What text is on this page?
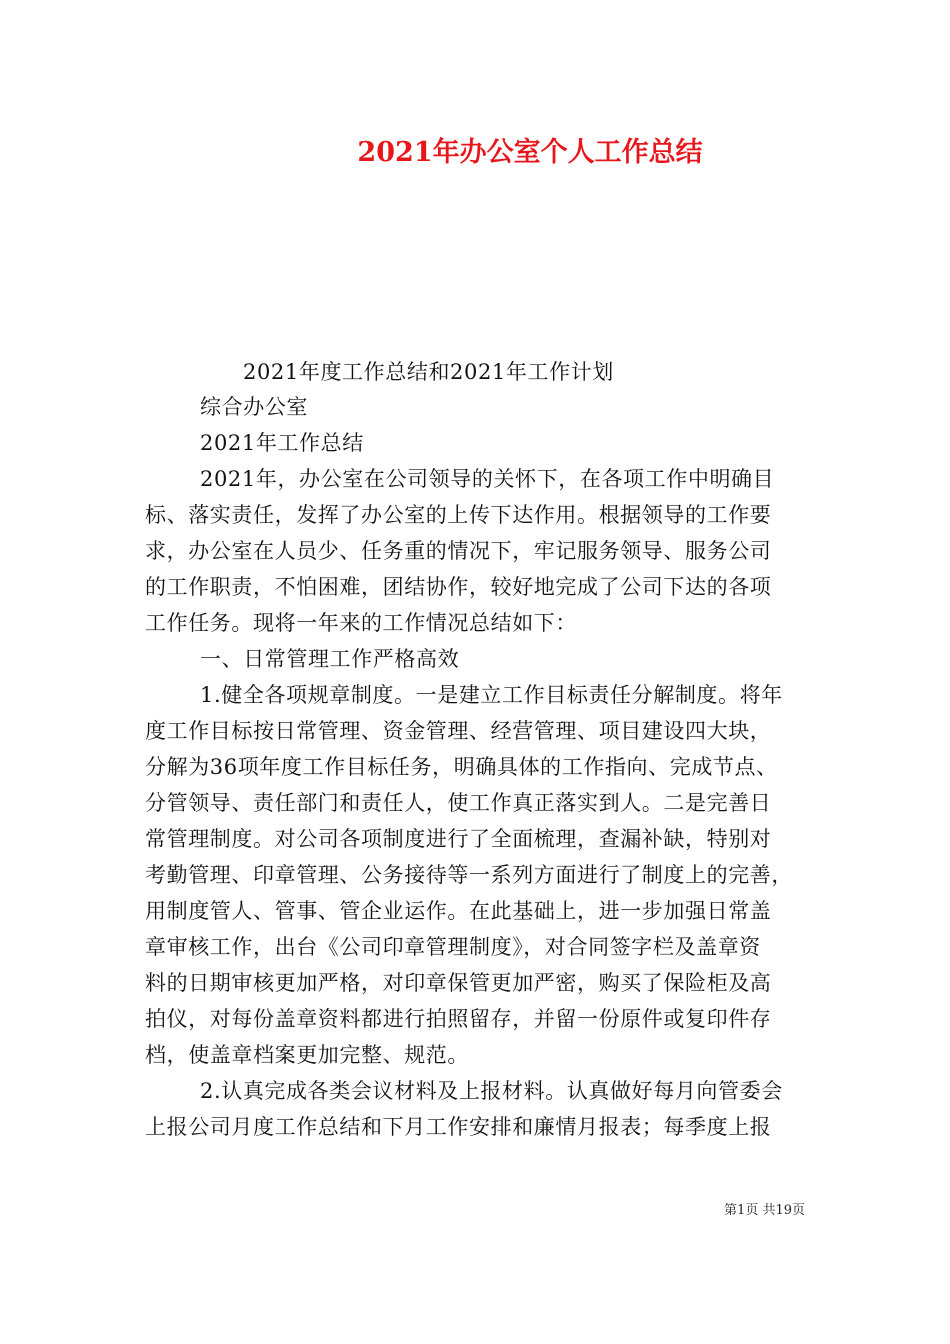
2021年办公室个人工作总结
2021年度工作总结和2021年工作计划
综合办公室
2021年工作总结
2021年，办公室在公司领导的关怀下，在各项工作中明确目
标、落实责任，发挥了办公室的上传下达作用。根据领导的工作要
求，办公室在人员少、任务重的情况下，牢记服务领导、服务公司
的工作职责，不怕困难，团结协作，较好地完成了公司下达的各项
工作任务。现将一年来的工作情况总结如下：
一、日常管理工作严格高效
1.健全各项规章制度。一是建立工作目标责任分解制度。将年
度工作目标按日常管理、资金管理、经营管理、项目建设四大块，
分解为36项年度工作目标任务，明确具体的工作指向、完成节点、
分管领导、责任部门和责任人，使工作真正落实到人。二是完善日
常管理制度。对公司各项制度进行了全面梳理，查漏补缺，特别对
考勤管理、印章管理、公务接待等一系列方面进行了制度上的完善，
用制度管人、管事、管企业运作。在此基础上，进一步加强日常盖
章审核工作，出台《公司印章管理制度》，对合同签字栏及盖章资
料的日期审核更加严格，对印章保管更加严密，购买了保险柜及高
拍仪，对每份盖章资料都进行拍照留存，并留一份原件或复印件存
档，使盖章档案更加完整、规范。
2.认真完成各类会议材料及上报材料。认真做好每月向管委会
上报公司月度工作总结和下月工作安排和廉情月报表；每季度上报
第1页 共19页
